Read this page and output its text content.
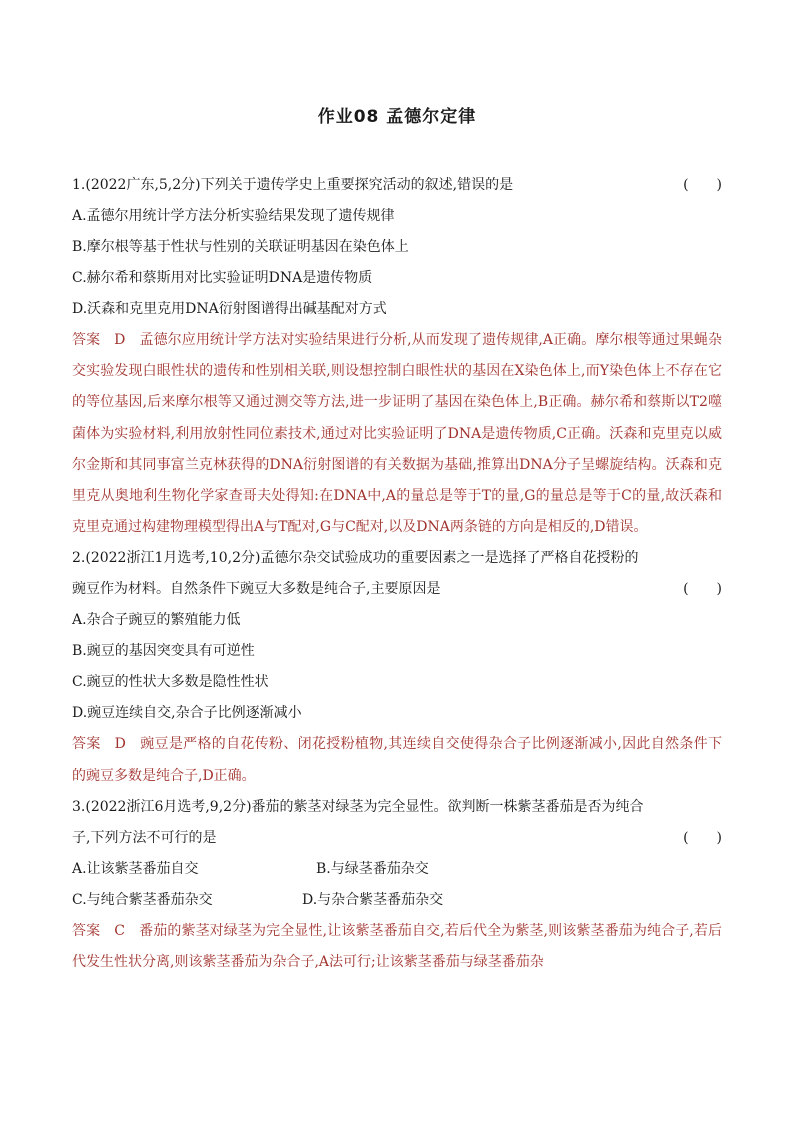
作业08 孟德尔定律
1.(2022广东,5,2分)下列关于遗传学史上重要探究活动的叙述,错误的是	(　　)
A.孟德尔用统计学方法分析实验结果发现了遗传规律
B.摩尔根等基于性状与性别的关联证明基因在染色体上
C.赫尔希和蔡斯用对比实验证明DNA是遗传物质
D.沃森和克里克用DNA衍射图谱得出碱基配对方式
答案 D 孟德尔应用统计学方法对实验结果进行分析,从而发现了遗传规律,A正确。摩尔根等通过果蝇杂交实验发现白眼性状的遗传和性别相关联,则设想控制白眼性状的基因在X染色体上,而Y染色体上不存在它的等位基因,后来摩尔根等又通过测交等方法,进一步证明了基因在染色体上,B正确。赫尔希和蔡斯以T2噬菌体为实验材料,利用放射性同位素技术,通过对比实验证明了DNA是遗传物质,C正确。沃森和克里克以威尔金斯和其同事富兰克林获得的DNA衍射图谱的有关数据为基础,推算出DNA分子呈螺旋结构。沃森和克里克从奥地利生物化学家查哥夫处得知:在DNA中,A的量总是等于T的量,G的量总是等于C的量,故沃森和克里克通过构建物理模型得出A与T配对,G与C配对,以及DNA两条链的方向是相反的,D错误。
2.(2022浙江1月选考,10,2分)孟德尔杂交试验成功的重要因素之一是选择了严格自花授粉的
豌豆作为材料。自然条件下豌豆大多数是纯合子,主要原因是	(　　)
A.杂合子豌豆的繁殖能力低
B.豌豆的基因突变具有可逆性
C.豌豆的性状大多数是隐性性状
D.豌豆连续自交,杂合子比例逐渐减小
答案 D 豌豆是严格的自花传粉、闭花授粉植物,其连续自交使得杂合子比例逐渐减小,因此自然条件下的豌豆多数是纯合子,D正确。
3.(2022浙江6月选考,9,2分)番茄的紫茎对绿茎为完全显性。欲判断一株紫茎番茄是否为纯合
子,下列方法不可行的是	(　　)
A.让该紫茎番茄自交	B.与绿茎番茄杂交
C.与纯合紫茎番茄杂交	D.与杂合紫茎番茄杂交
答案 C 番茄的紫茎对绿茎为完全显性,让该紫茎番茄自交,若后代全为紫茎,则该紫茎番茄为纯合子,若后代发生性状分离,则该紫茎番茄为杂合子,A法可行;让该紫茎番茄与绿茎番茄杂
